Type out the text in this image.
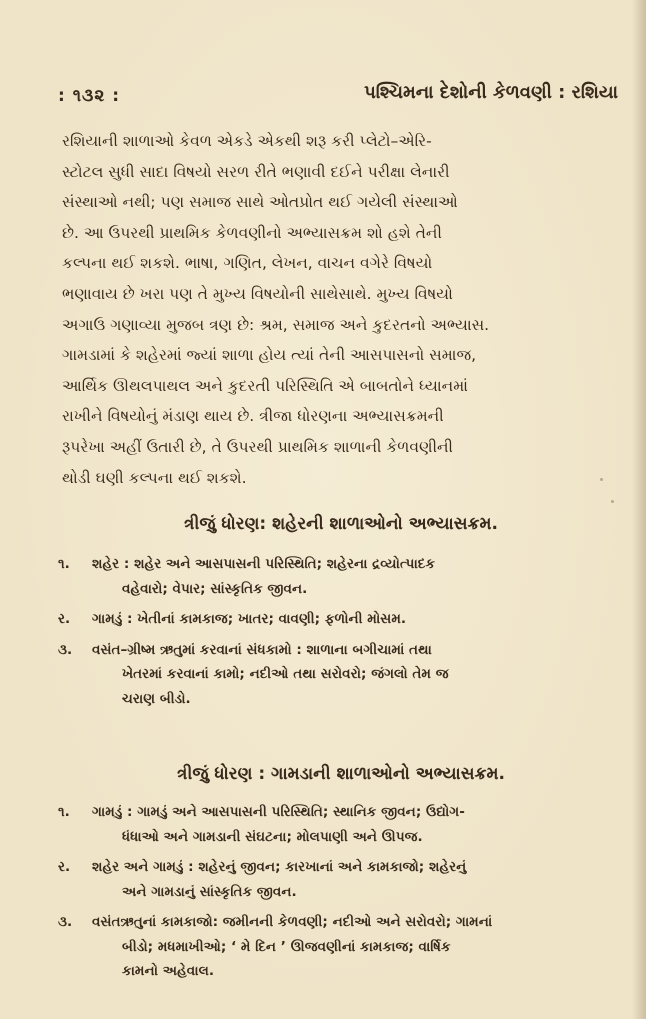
: ૧૩૨ :	પશ્ચિમના દેશોની કેળવણી : રશિયા
રશિયાની શાળાઓ કેવળ એકડે એકથી શરૂ કરી પ્લેટો–એરિ-
સ્ટોટલ સુધી સાદા વિષયો સરળ રીતે ભણાવી દઈને પરીક્ષા લેનારી
સંસ્થાઓ નથી; પણ સમાજ સાથે ઓતપ્રોત થઈ ગયેલી સંસ્થાઓ
છે. આ ઉપરથી પ્રાથમિક કેળવણીનો અભ્યાસક્રમ શો હશે તેની
કલ્પના થઈ શકશે. ભાષા, ગણિત, લેખન, વાચન વગેરે વિષયો
ભણાવાય છે ખરા પણ તે મુખ્ય વિષયોની સાથેસાથે. મુખ્ય વિષયો
અગાઉ ગણાવ્યા મુજબ ત્રણ છે: શ્રમ, સમાજ અને કુદરતનો અભ્યાસ.
ગામડામાં કે શહેરમાં જ્યાં શાળા હોય ત્યાં તેની આસપાસનો સમાજ,
આર્થિક ઊથલપાથલ અને કુદરતી પરિસ્થિતિ એ બાબતોને ધ્યાનમાં
રાખીને વિષયોનું મંડાણ થાય છે. ત્રીજા ધોરણના અભ્યાસક્રમની
રૂપરેખા અહીં ઉતારી છે, તે ઉપરથી પ્રાથમિક શાળાની કેળવણીની
થોડી ઘણી કલ્પના થઈ શકશે.
ત્રીજું ધોરણ: શહેરની શાળાઓનો અભ્યાસક્રમ.
૧. શહેર : શહેર અને આસપાસની પરિસ્થિતિ; શહેરના દ્રવ્યોત્પાદક
વહેવારો; વેપાર; સાંસ્કૃતિક જીવન.
ર. ગામડું : ખેતીનાં કામકાજ; ખાતર; વાવણી; ફળોની મોસમ.
૩. વસંત–ગ્રીષ્મ ઋતુમાં કરવાનાં સંધકામો : શાળાના બગીચામાં તથા
ખેતરમાં કરવાનાં કામો; નદીઓ તથા સરોવરો; જંગલો તેમ જ
ચરાણ બીડો.
ત્રીજું ધોરણ : ગામડાની શાળાઓનો અભ્યાસક્રમ.
૧. ગામડું : ગામડું અને આસપાસની પરિસ્થિતિ; સ્થાનિક જીવન; ઉદ્યોગ-
ધંધાઓ અને ગામડાની સંઘટના; મોલપાણી અને ઊપજ.
ર. શહેર અને ગામડું : શહેરનું જીવન; કારખાનાં અને કામકાજો; શહેરનું
અને ગામડાનું સાંસ્કૃતિક જીવન.
૩. વસંતઋતુનાં કામકાજો: જમીનની કેળવણી; નદીઓ અને સરોવરો; ગામનાં
બીડો; મધમાખીઓ; ‘ મે દિન ’ ઊજવણીનાં કામકાજ; વાર્ષિક
કામનો અહેવાલ.
